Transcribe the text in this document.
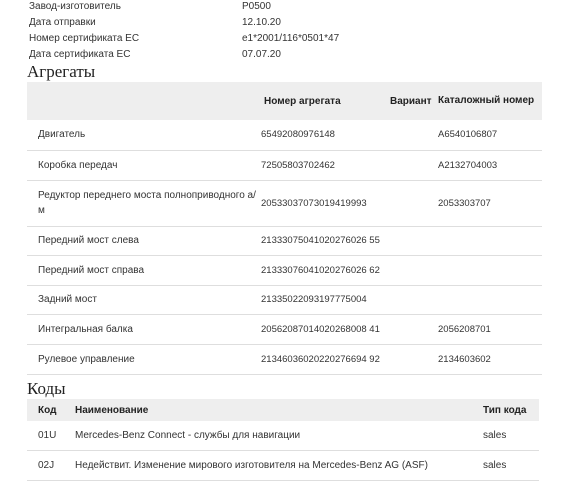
Завод-изготовитель	P0500
Дата отправки	12.10.20
Номер сертификата ЕС	e1*2001/116*0501*47
Дата сертификата ЕС	07.07.20
Агрегаты
	Номер агрегата	Вариант	Каталожный номер
Двигатель	65492080976148		A6540106807
Коробка передач	72505803702462		A2132704003
Редуктор переднего моста полноприводного а/м	20533037073019419993		2053303707
Передний мост слева	21333075041020276026 55		
Передний мост справа	21333076041020276026 62		
Задний мост	21335022093197775004		
Интегральная балка	20562087014020268008 41		2056208701
Рулевое управление	21346036020220276694 92		2134603602
Коды
Код	Наименование	Тип кода
01U	Mercedes-Benz Connect - службы для навигации	sales
02J	Недействит. Изменение мирового изготовителя на Mercedes-Benz AG (ASF)	sales
